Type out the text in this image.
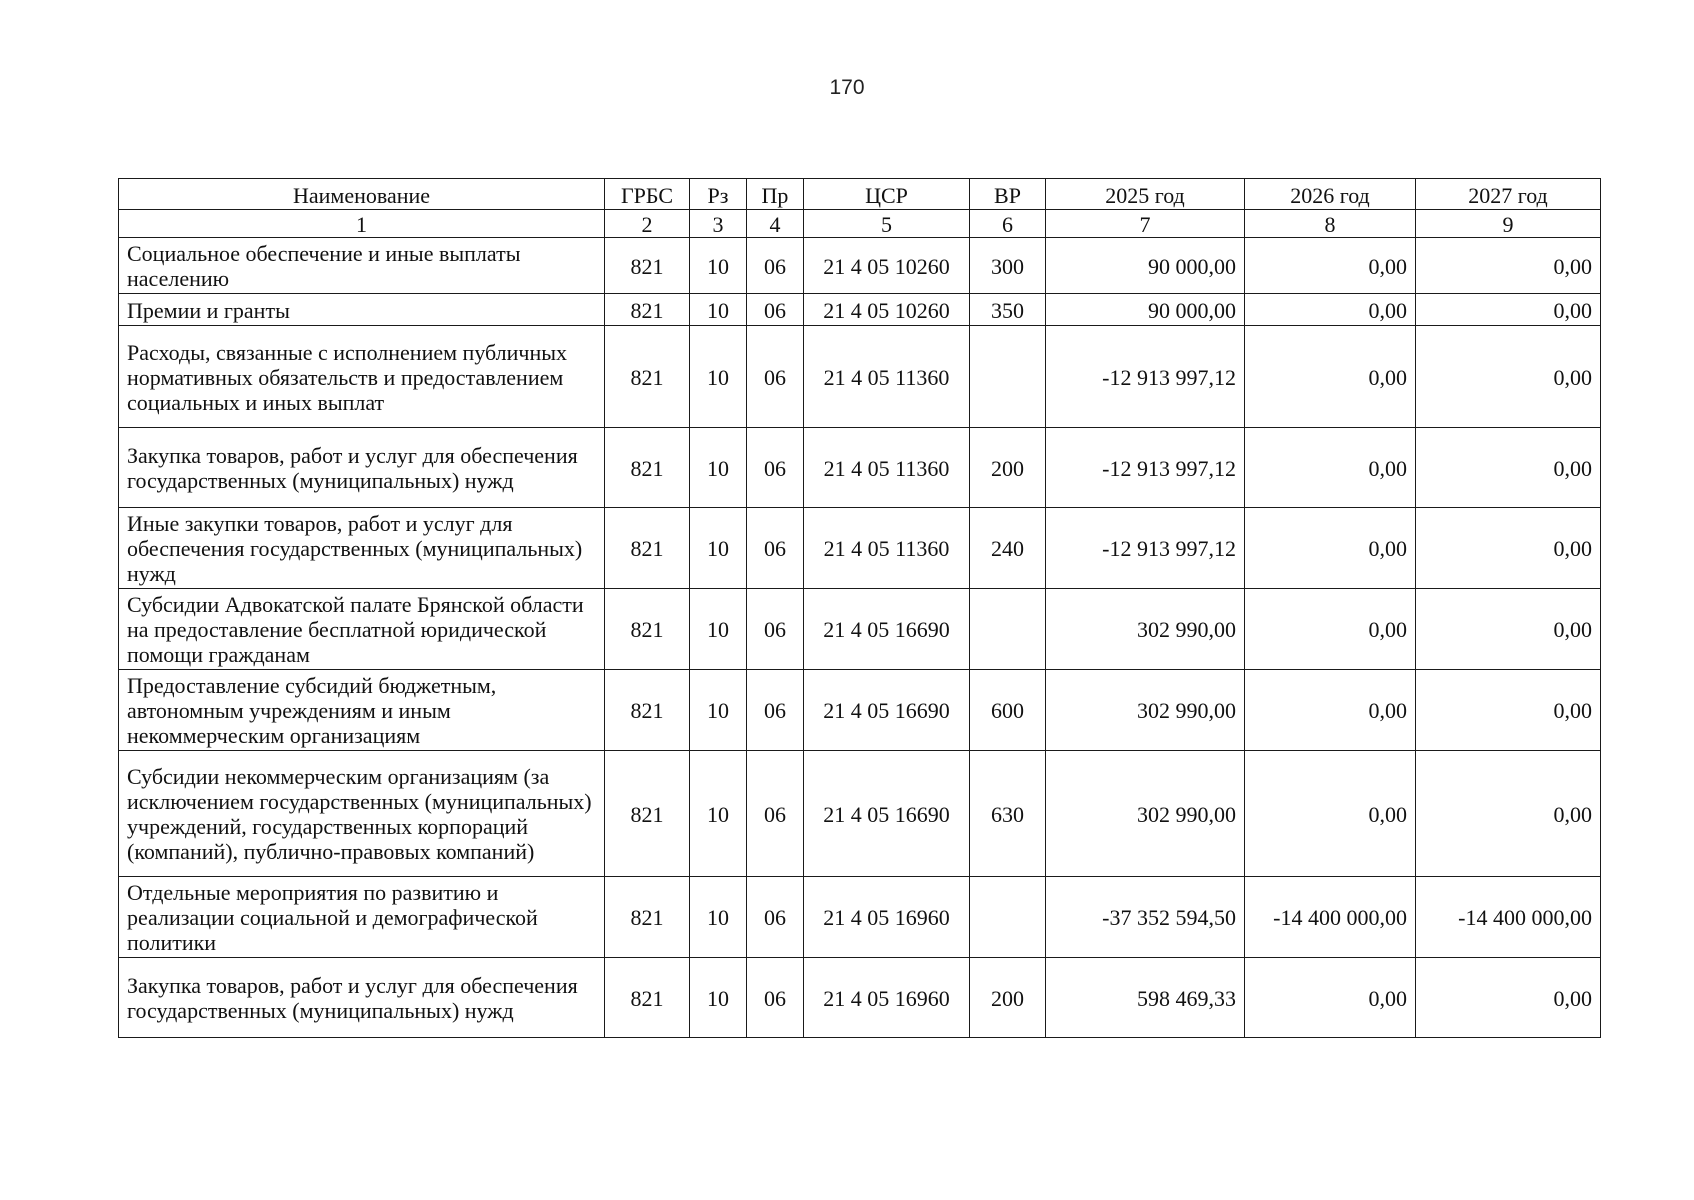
170
Наименование	ГРБС	Рз	Пр	ЦСР	ВР	2025 год	2026 год	2027 год
1	2	3	4	5	6	7	8	9
Социальное обеспечение и иные выплаты населению	821	10	06	21 4 05 10260	300	90 000,00	0,00	0,00
Премии и гранты	821	10	06	21 4 05 10260	350	90 000,00	0,00	0,00
Расходы, связанные с исполнением публичных нормативных обязательств и предоставлением социальных и иных выплат	821	10	06	21 4 05 11360		-12 913 997,12	0,00	0,00
Закупка товаров, работ и услуг для обеспечения государственных (муниципальных) нужд	821	10	06	21 4 05 11360	200	-12 913 997,12	0,00	0,00
Иные закупки товаров, работ и услуг для обеспечения государственных (муниципальных) нужд	821	10	06	21 4 05 11360	240	-12 913 997,12	0,00	0,00
Субсидии Адвокатской палате Брянской области на предоставление бесплатной юридической помощи гражданам	821	10	06	21 4 05 16690		302 990,00	0,00	0,00
Предоставление субсидий бюджетным, автономным учреждениям и иным некоммерческим организациям	821	10	06	21 4 05 16690	600	302 990,00	0,00	0,00
Субсидии некоммерческим организациям (за исключением государственных (муниципальных) учреждений, государственных корпораций (компаний), публично-правовых компаний)	821	10	06	21 4 05 16690	630	302 990,00	0,00	0,00
Отдельные мероприятия по развитию и реализации социальной и демографической политики	821	10	06	21 4 05 16960		-37 352 594,50	-14 400 000,00	-14 400 000,00
Закупка товаров, работ и услуг для обеспечения государственных (муниципальных) нужд	821	10	06	21 4 05 16960	200	598 469,33	0,00	0,00
